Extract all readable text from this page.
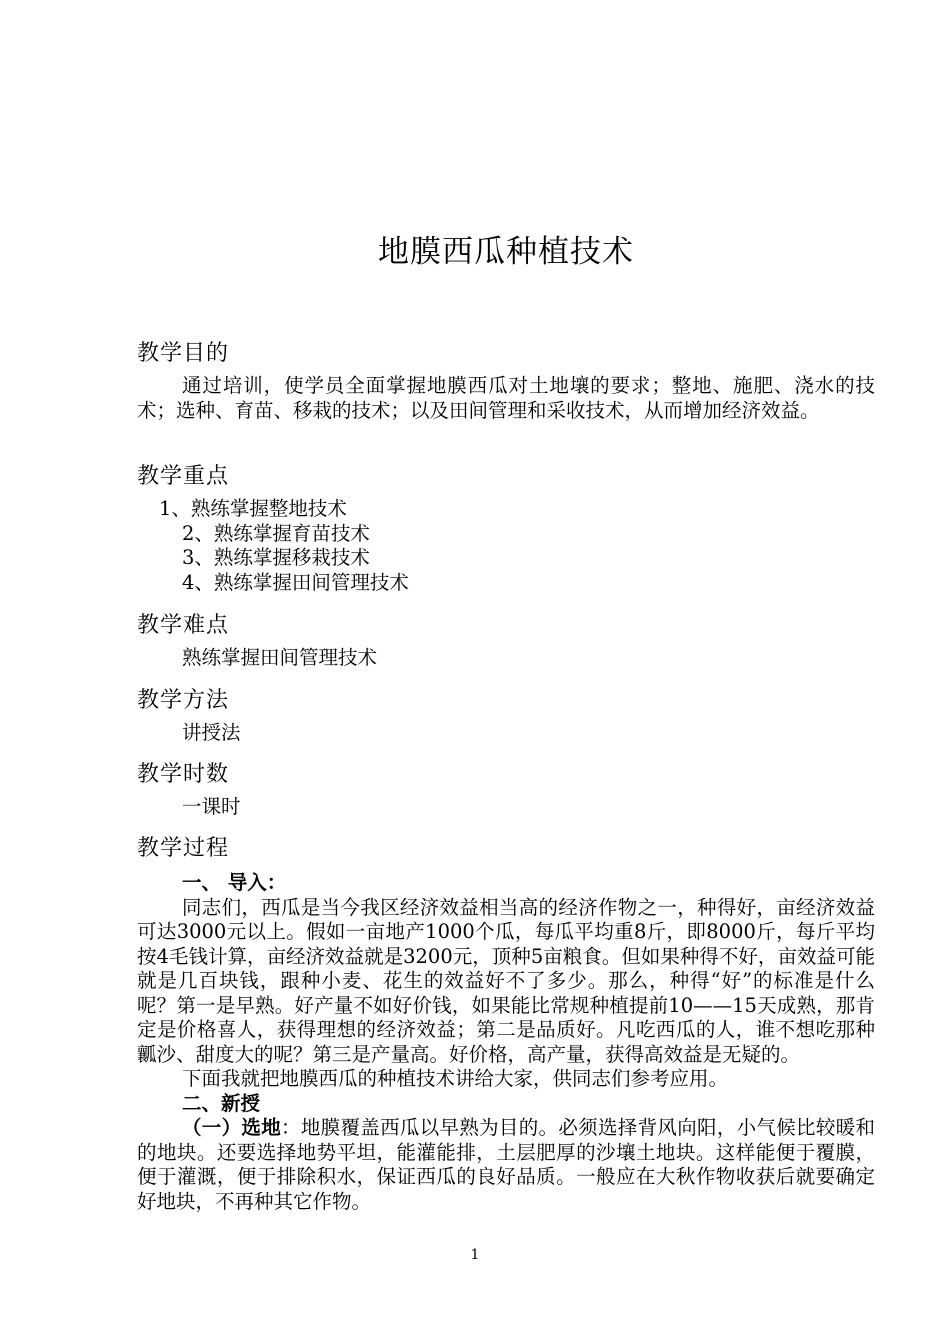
地膜西瓜种植技术
教学目的
通过培训，使学员全面掌握地膜西瓜对土地壤的要求；整地、施肥、浇水的技术；选种、育苗、移栽的技术；以及田间管理和采收技术，从而增加经济效益。
教学重点
1、熟练掌握整地技术
2、熟练掌握育苗技术
3、熟练掌握移栽技术
4、熟练掌握田间管理技术
教学难点
熟练掌握田间管理技术
教学方法
讲授法
教学时数
一课时
教学过程
一、 导入：
同志们，西瓜是当今我区经济效益相当高的经济作物之一，种得好，亩经济效益可达3000元以上。假如一亩地产1000个瓜，每瓜平均重8斤，即8000斤，每斤平均按4毛钱计算，亩经济效益就是3200元，顶种5亩粮食。但如果种得不好，亩效益可能就是几百块钱，跟种小麦、花生的效益好不了多少。那么，种得“好”的标准是什么呢？第一是早熟。好产量不如好价钱，如果能比常规种植提前10——15天成熟，那肯定是价格喜人，获得理想的经济效益；第二是品质好。凡吃西瓜的人，谁不想吃那种瓤沙、甜度大的呢？第三是产量高。好价格，高产量，获得高效益是无疑的。
下面我就把地膜西瓜的种植技术讲给大家，供同志们参考应用。
二、新授
（一）选地：地膜覆盖西瓜以早熟为目的。必须选择背风向阳，小气候比较暖和的地块。还要选择地势平坦，能灌能排，土层肥厚的沙壤土地块。这样能便于覆膜，便于灌溉，便于排除积水，保证西瓜的良好品质。一般应在大秋作物收获后就要确定好地块，不再种其它作物。
1
